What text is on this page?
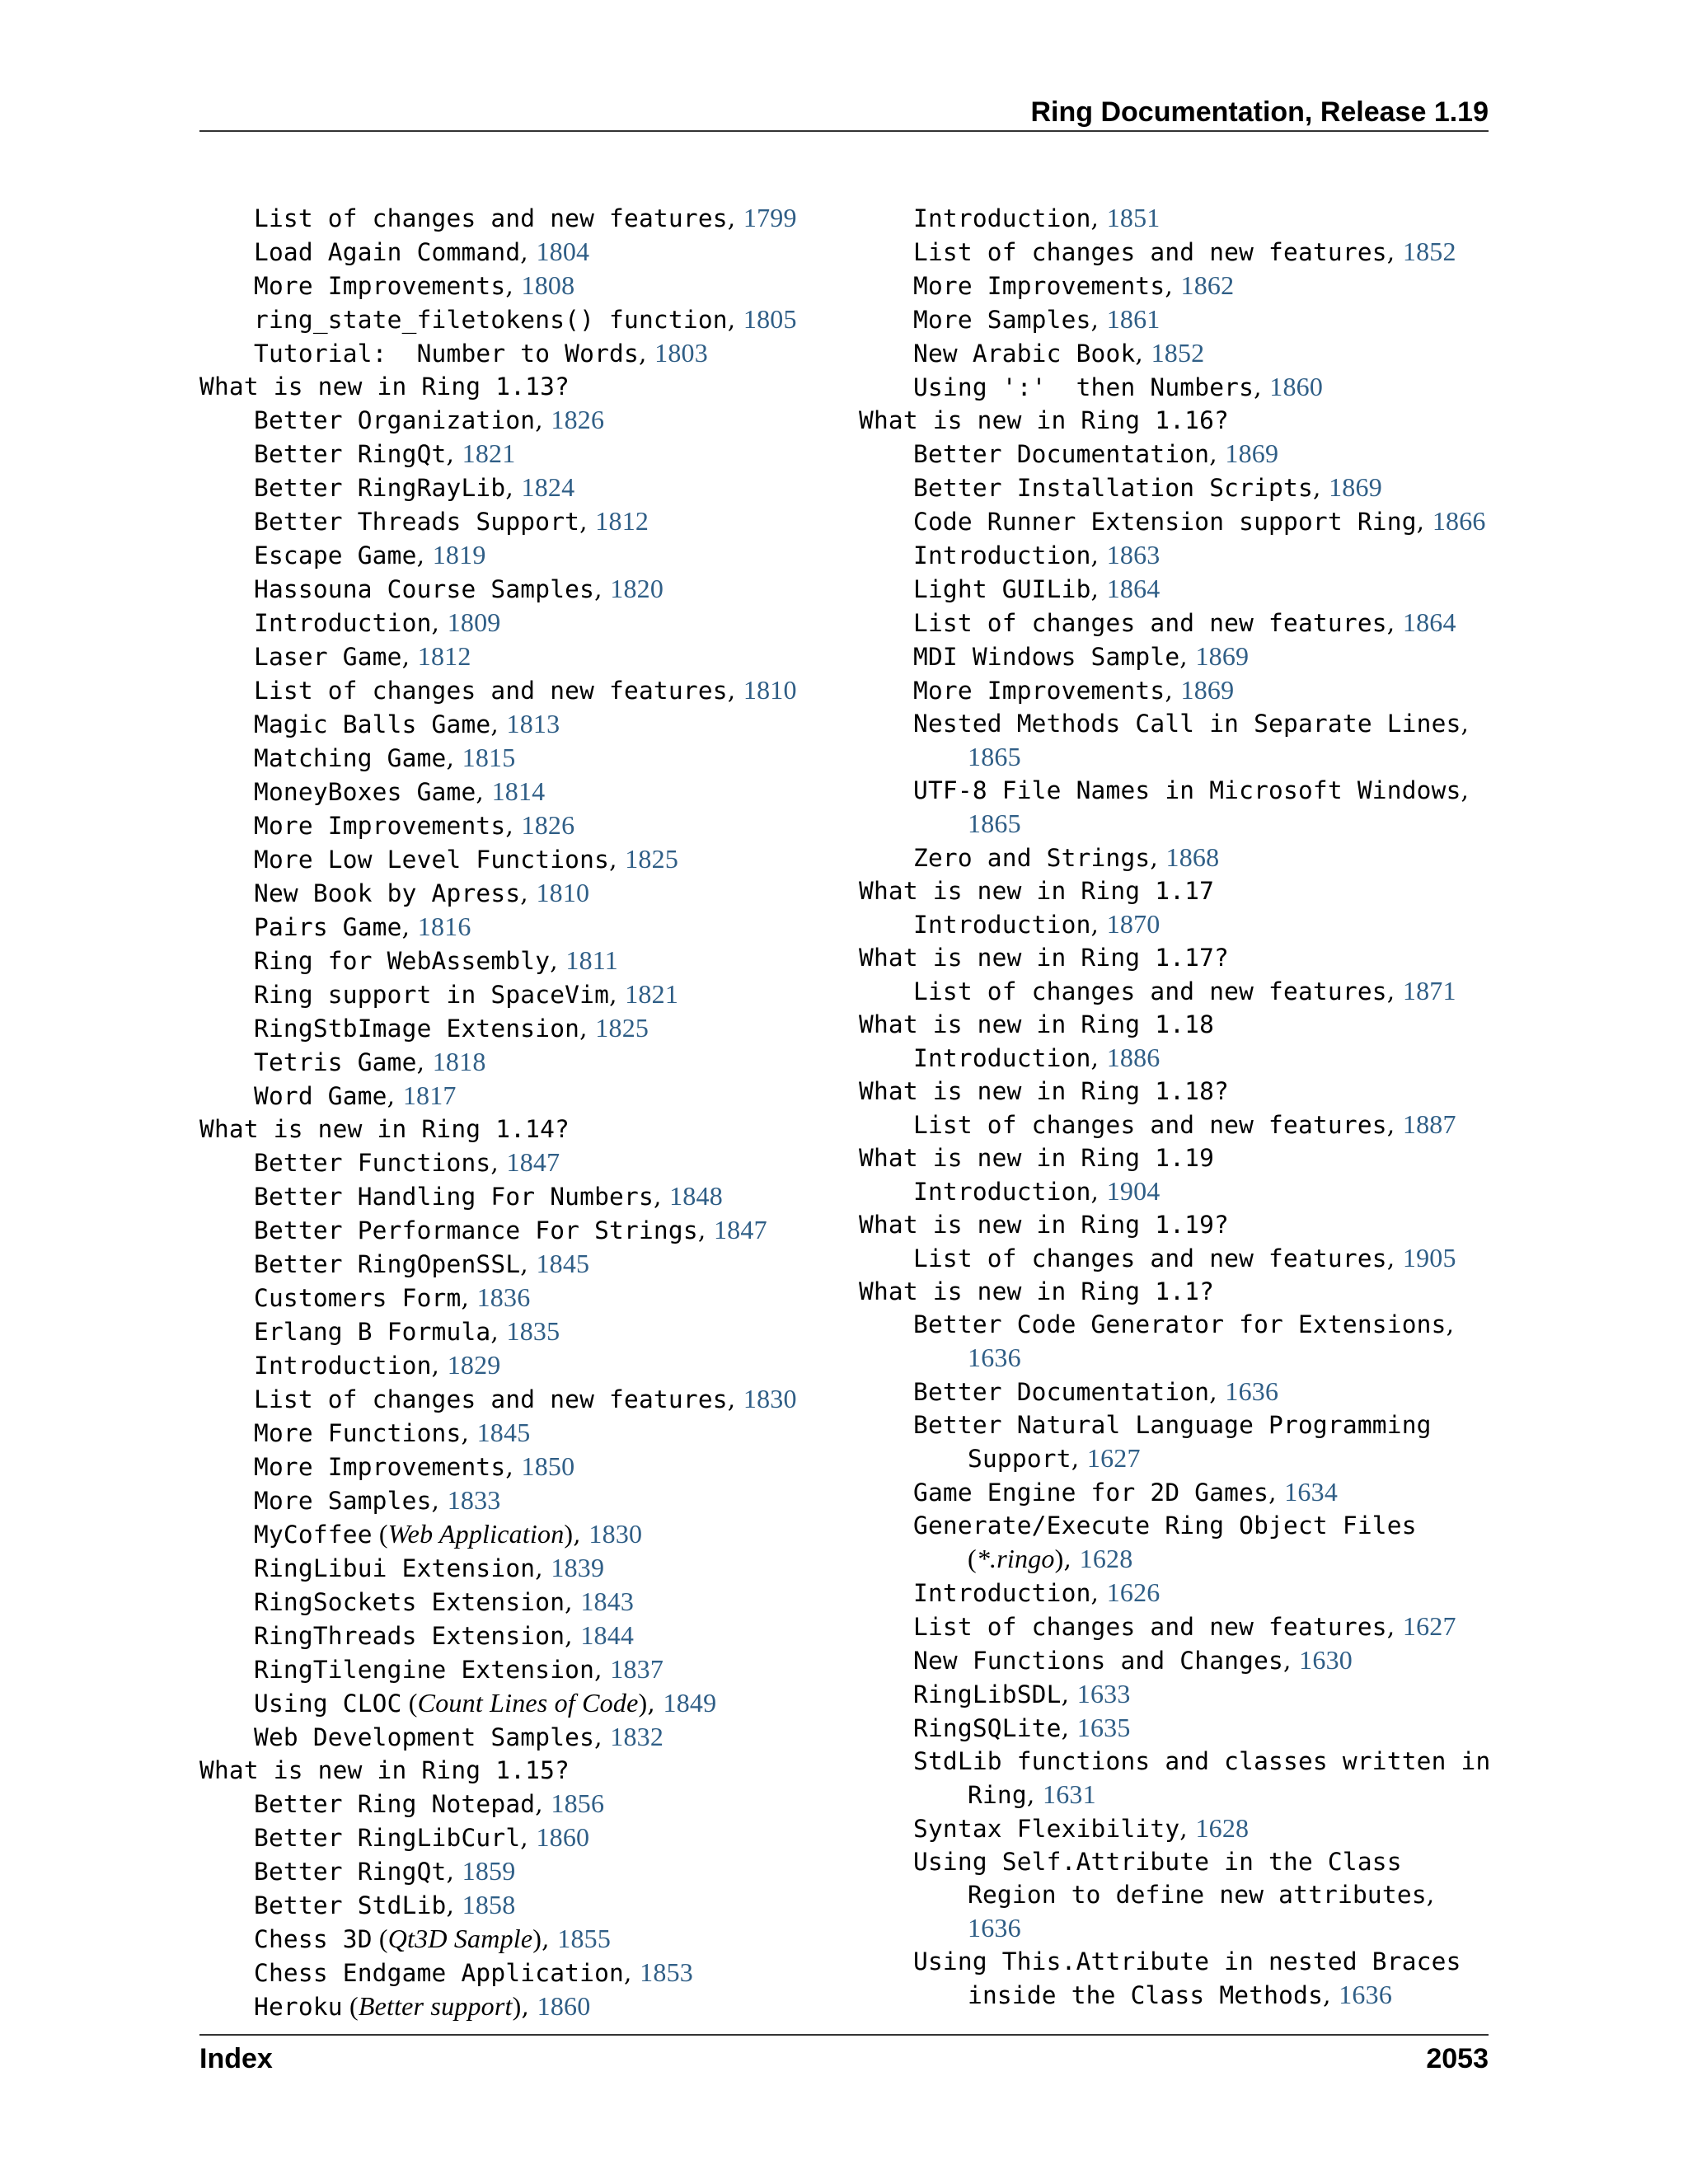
Ring Documentation, Release 1.19
List of changes and new features, 1799
Load Again Command, 1804
More Improvements, 1808
ring_state_filetokens() function, 1805
Tutorial:  Number to Words, 1803
What is new in Ring 1.13?
Better Organization, 1826
Better RingQt, 1821
Better RingRayLib, 1824
Better Threads Support, 1812
Escape Game, 1819
Hassouna Course Samples, 1820
Introduction, 1809
Laser Game, 1812
List of changes and new features, 1810
Magic Balls Game, 1813
Matching Game, 1815
MoneyBoxes Game, 1814
More Improvements, 1826
More Low Level Functions, 1825
New Book by Apress, 1810
Pairs Game, 1816
Ring for WebAssembly, 1811
Ring support in SpaceVim, 1821
RingStbImage Extension, 1825
Tetris Game, 1818
Word Game, 1817
What is new in Ring 1.14?
Better Functions, 1847
Better Handling For Numbers, 1848
Better Performance For Strings, 1847
Better RingOpenSSL, 1845
Customers Form, 1836
Erlang B Formula, 1835
Introduction, 1829
List of changes and new features, 1830
More Functions, 1845
More Improvements, 1850
More Samples, 1833
MyCoffee (Web Application), 1830
RingLibui Extension, 1839
RingSockets Extension, 1843
RingThreads Extension, 1844
RingTilengine Extension, 1837
Using CLOC (Count Lines of Code), 1849
Web Development Samples, 1832
What is new in Ring 1.15?
Better Ring Notepad, 1856
Better RingLibCurl, 1860
Better RingQt, 1859
Better StdLib, 1858
Chess 3D (Qt3D Sample), 1855
Chess Endgame Application, 1853
Heroku (Better support), 1860
Introduction, 1851
List of changes and new features, 1852
More Improvements, 1862
More Samples, 1861
New Arabic Book, 1852
Using ':'  then Numbers, 1860
What is new in Ring 1.16?
Better Documentation, 1869
Better Installation Scripts, 1869
Code Runner Extension support Ring, 1866
Introduction, 1863
Light GUILib, 1864
List of changes and new features, 1864
MDI Windows Sample, 1869
More Improvements, 1869
Nested Methods Call in Separate Lines,
1865
UTF-8 File Names in Microsoft Windows,
1865
Zero and Strings, 1868
What is new in Ring 1.17
Introduction, 1870
What is new in Ring 1.17?
List of changes and new features, 1871
What is new in Ring 1.18
Introduction, 1886
What is new in Ring 1.18?
List of changes and new features, 1887
What is new in Ring 1.19
Introduction, 1904
What is new in Ring 1.19?
List of changes and new features, 1905
What is new in Ring 1.1?
Better Code Generator for Extensions,
1636
Better Documentation, 1636
Better Natural Language Programming
Support, 1627
Game Engine for 2D Games, 1634
Generate/Execute Ring Object Files
(*.ringo), 1628
Introduction, 1626
List of changes and new features, 1627
New Functions and Changes, 1630
RingLibSDL, 1633
RingSQLite, 1635
StdLib functions and classes written in
Ring, 1631
Syntax Flexibility, 1628
Using Self.Attribute in the Class
Region to define new attributes,
1636
Using This.Attribute in nested Braces
inside the Class Methods, 1636
Index	2053
